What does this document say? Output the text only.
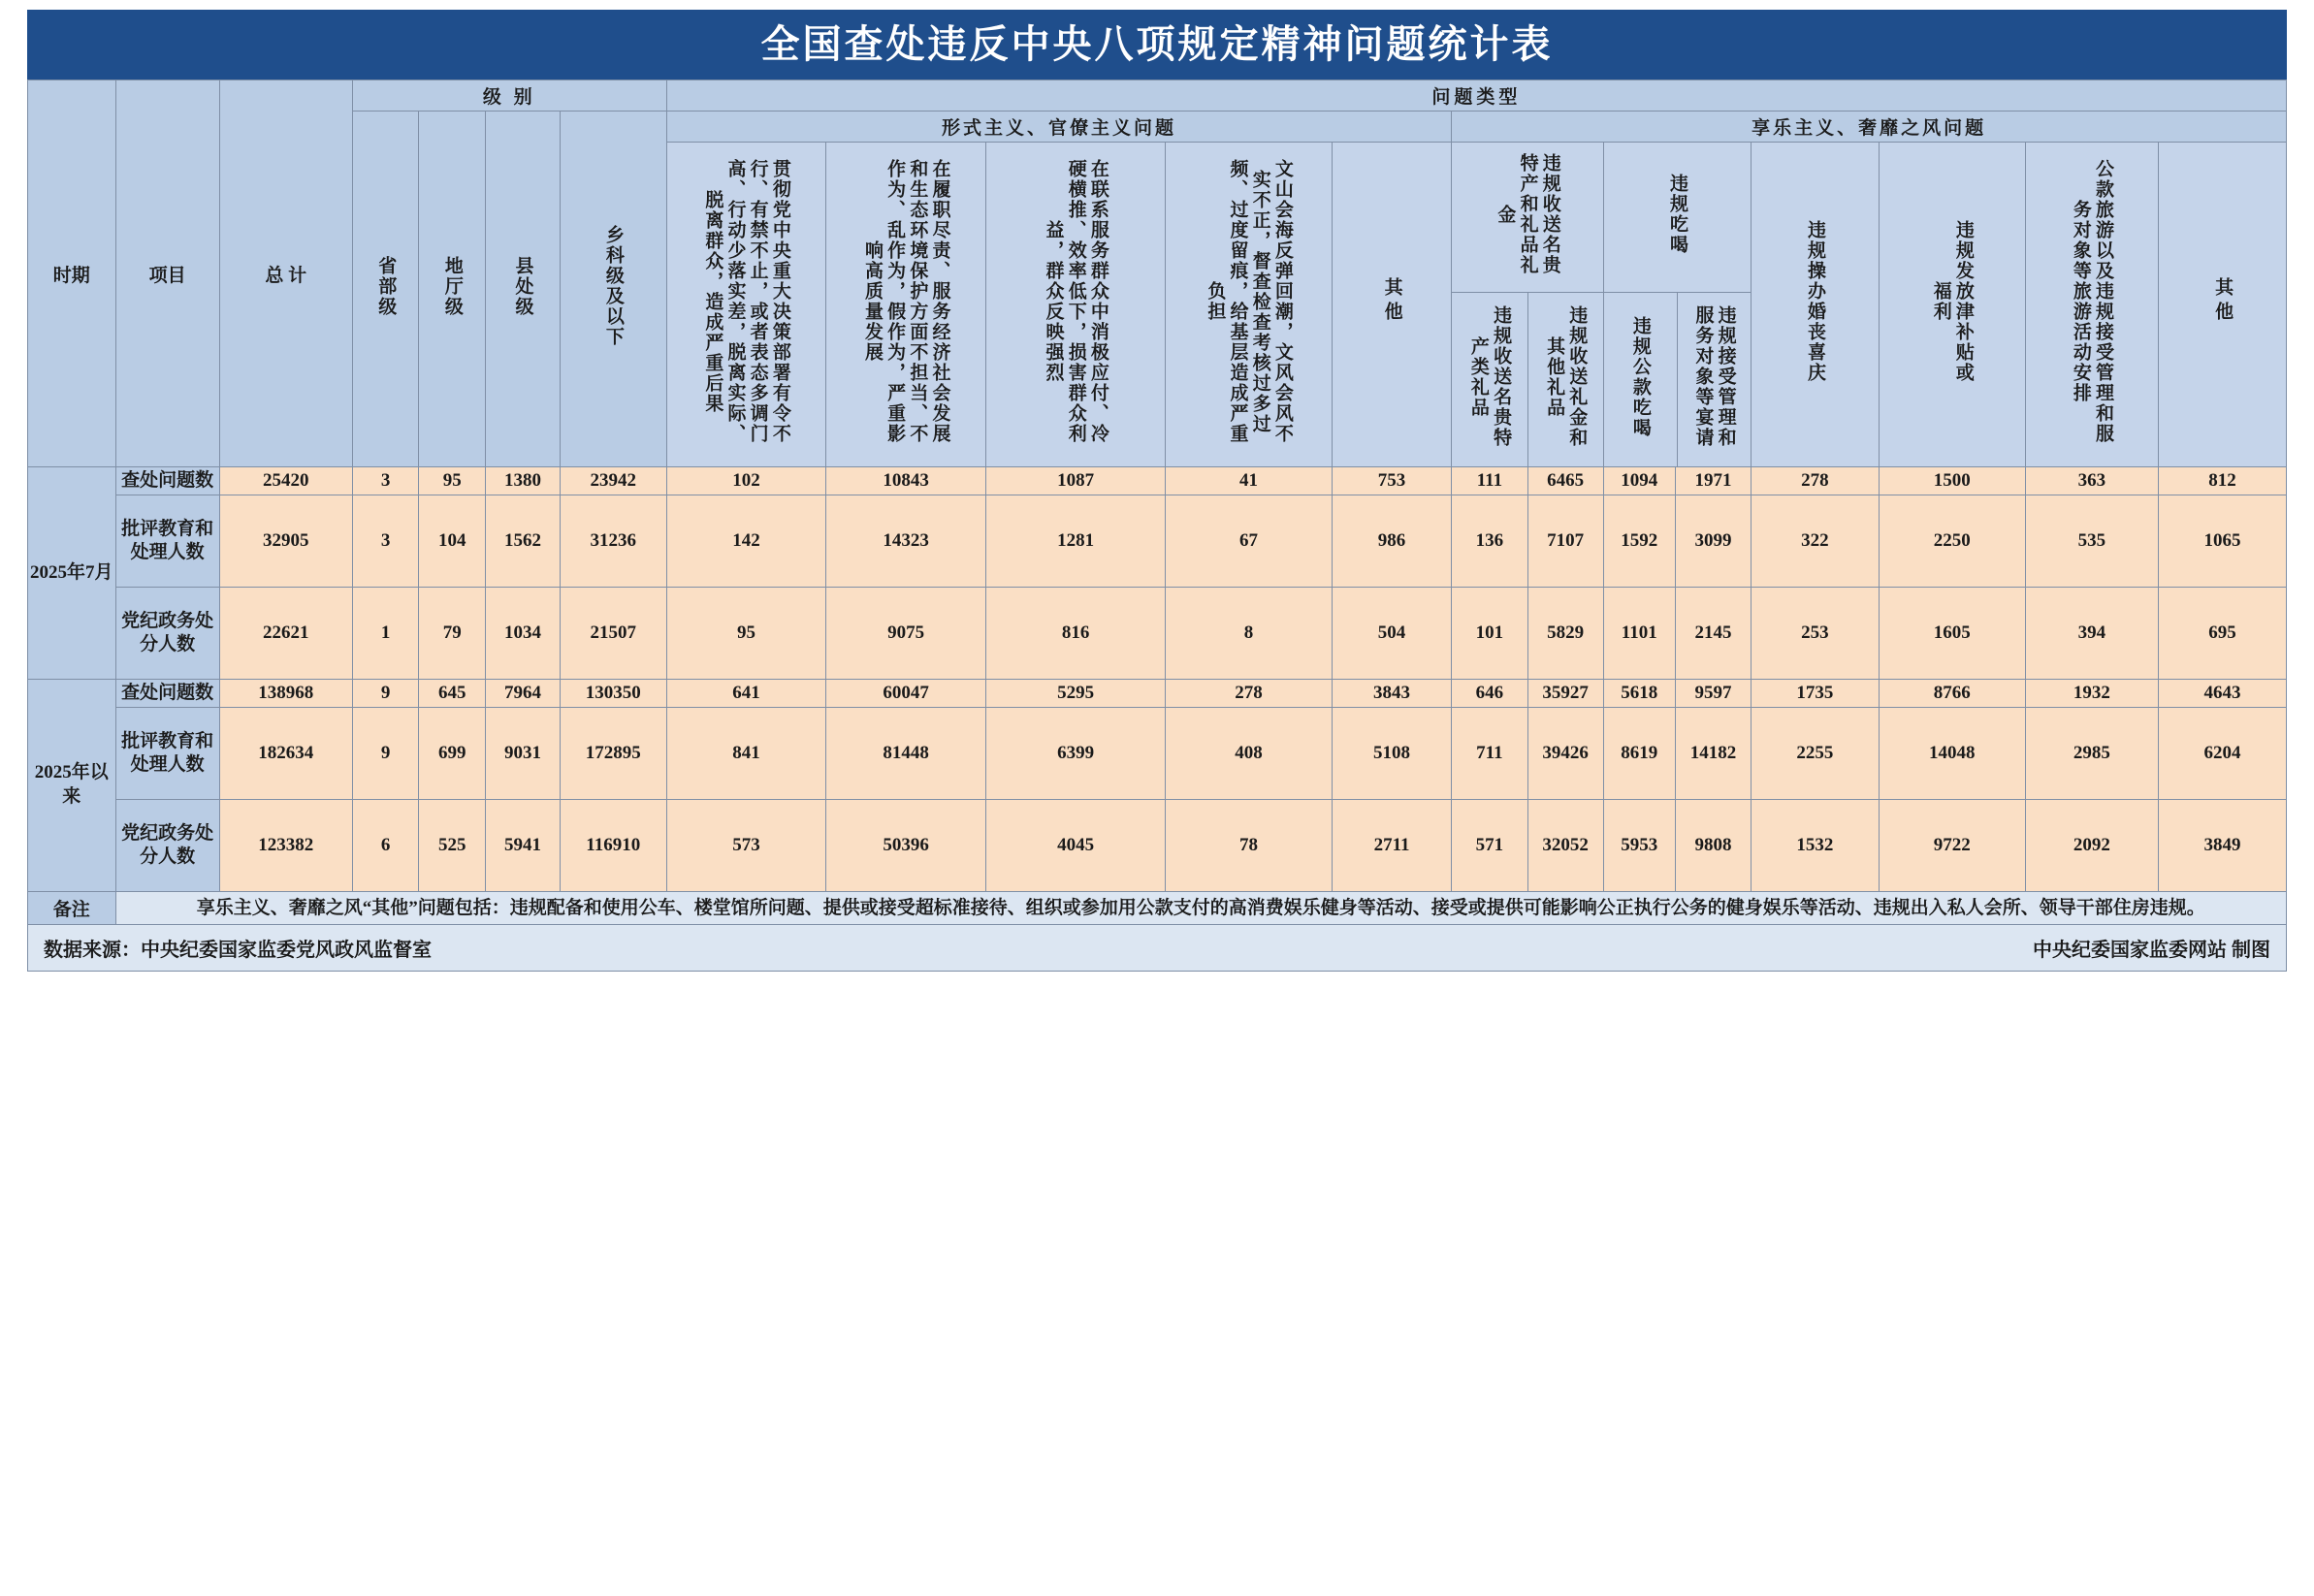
全国查处违反中央八项规定精神问题统计表
时期	项目	总 计	级 别	问题类型
省部级	地厅级	县处级	乡科级及以下	形式主义、官僚主义问题	享乐主义、奢靡之风问题
贯彻党中央重大决策部署有令不行、有禁不止，或者表态多调门高、行动少落实差，脱离实际、脱离群众，造成严重后果	在履职尽责、服务经济社会发展和生态环境保护方面不担当、不作为、乱作为，假作为，严重影响高质量发展	在联系服务群众中消极应付、冷硬横推、效率低下，损害群众利益，群众反映强烈	文山会海反弹回潮，文风会风不实不正，督查检查考核过多过频、过度留痕，给基层造成严重负担	其他	
违规收送名贵特产和礼品礼金

违规收送名贵特产类礼品	违规收送礼金和其他礼品

违规吃喝

违规公款吃喝	违规接受管理和服务对象等宴请
		违规操办婚丧喜庆	违规发放津补贴或福利	公款旅游以及违规接受管理和服务对象等旅游活动安排	其他
2025年7月	查处问题数	25420	3	95	1380	23942	102	10843	1087	41	753	111	6465	1094	1971	278	1500	363	812
批评教育和处理人数	32905	3	104	1562	31236	142	14323	1281	67	986	136	7107	1592	3099	322	2250	535	1065
党纪政务处分人数	22621	1	79	1034	21507	95	9075	816	8	504	101	5829	1101	2145	253	1605	394	695
2025年以来	查处问题数	138968	9	645	7964	130350	641	60047	5295	278	3843	646	35927	5618	9597	1735	8766	1932	4643
批评教育和处理人数	182634	9	699	9031	172895	841	81448	6399	408	5108	711	39426	8619	14182	2255	14048	2985	6204
党纪政务处分人数	123382	6	525	5941	116910	573	50396	4045	78	2711	571	32052	5953	9808	1532	9722	2092	3849
备注	享乐主义、奢靡之风“其他”问题包括：违规配备和使用公车、楼堂馆所问题、提供或接受超标准接待、组织或参加用公款支付的高消费娱乐健身等活动、接受或提供可能影响公正执行公务的健身娱乐等活动、违规出入私人会所、领导干部住房违规。
数据来源：中央纪委国家监委党风政风监督室	中央纪委国家监委网站 制图
